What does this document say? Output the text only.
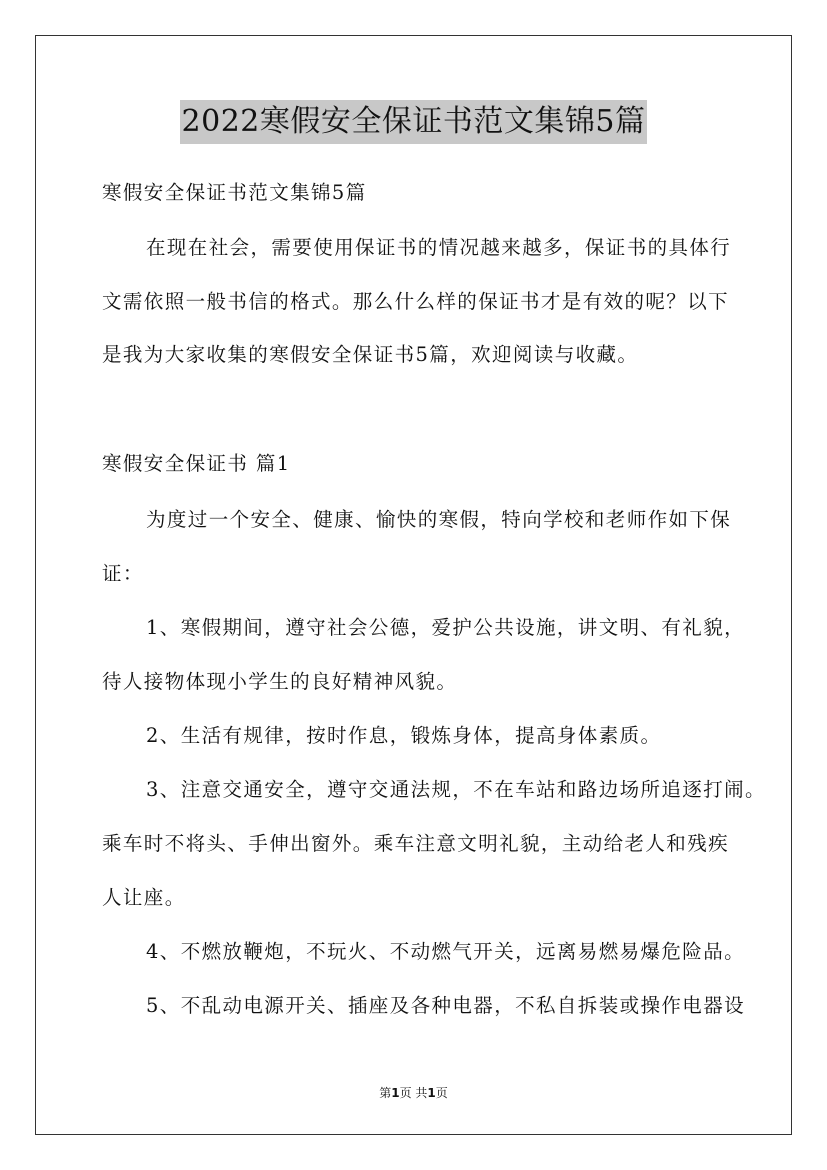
2022寒假安全保证书范文集锦5篇
寒假安全保证书范文集锦5篇
在现在社会，需要使用保证书的情况越来越多，保证书的具体行
文需依照一般书信的格式。那么什么样的保证书才是有效的呢？以下
是我为大家收集的寒假安全保证书5篇，欢迎阅读与收藏。
寒假安全保证书 篇1
为度过一个安全、健康、愉快的寒假，特向学校和老师作如下保
证：
1、寒假期间，遵守社会公德，爱护公共设施，讲文明、有礼貌，
待人接物体现小学生的良好精神风貌。
2、生活有规律，按时作息，锻炼身体，提高身体素质。
3、注意交通安全，遵守交通法规，不在车站和路边场所追逐打闹。
乘车时不将头、手伸出窗外。乘车注意文明礼貌，主动给老人和残疾
人让座。
4、不燃放鞭炮，不玩火、不动燃气开关，远离易燃易爆危险品。
5、不乱动电源开关、插座及各种电器，不私自拆装或操作电器设
第1页 共1页
